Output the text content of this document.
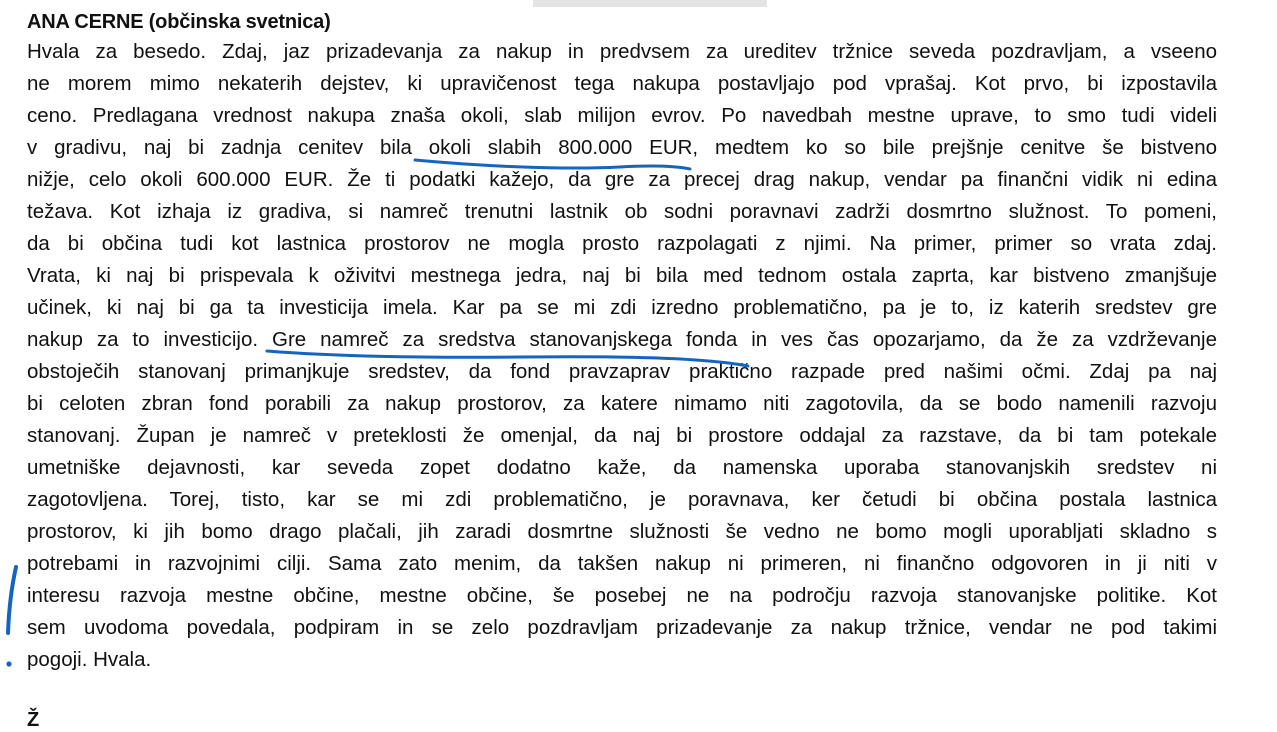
ANA CERNE (občinska svetnica)
Hvala za besedo. Zdaj, jaz prizadevanja za nakup in predvsem za ureditev tržnice seveda pozdravljam, a vseeno
ne morem mimo nekaterih dejstev, ki upravičenost tega nakupa postavljajo pod vprašaj. Kot prvo, bi izpostavila
ceno. Predlagana vrednost nakupa znaša okoli, slab milijon evrov. Po navedbah mestne uprave, to smo tudi videli
v gradivu, naj bi zadnja cenitev bila okoli slabih 800.000 EUR, medtem ko so bile prejšnje cenitve še bistveno
nižje, celo okoli 600.000 EUR. Že ti podatki kažejo, da gre za precej drag nakup, vendar pa finančni vidik ni edina
težava. Kot izhaja iz gradiva, si namreč trenutni lastnik ob sodni poravnavi zadrži dosmrtno služnost. To pomeni,
da bi občina tudi kot lastnica prostorov ne mogla prosto razpolagati z njimi. Na primer, primer so vrata zdaj.
Vrata, ki naj bi prispevala k oživitvi mestnega jedra, naj bi bila med tednom ostala zaprta, kar bistveno zmanjšuje
učinek, ki naj bi ga ta investicija imela. Kar pa se mi zdi izredno problematično, pa je to, iz katerih sredstev gre
nakup za to investicijo. Gre namreč za sredstva stanovanjskega fonda in ves čas opozarjamo, da že za vzdrževanje
obstoječih stanovanj primanjkuje sredstev, da fond pravzaprav praktično razpade pred našimi očmi. Zdaj pa naj
bi celoten zbran fond porabili za nakup prostorov, za katere nimamo niti zagotovila, da se bodo namenili razvoju
stanovanj. Župan je namreč v preteklosti že omenjal, da naj bi prostore oddajal za razstave, da bi tam potekale
umetniške dejavnosti, kar seveda zopet dodatno kaže, da namenska uporaba stanovanjskih sredstev ni
zagotovljena. Torej, tisto, kar se mi zdi problematično, je poravnava, ker četudi bi občina postala lastnica
prostorov, ki jih bomo drago plačali, jih zaradi dosmrtne služnosti še vedno ne bomo mogli uporabljati skladno s
potrebami in razvojnimi cilji. Sama zato menim, da takšen nakup ni primeren, ni finančno odgovoren in ji niti v
interesu razvoja mestne občine, mestne občine, še posebej ne na področju razvoja stanovanjske politike. Kot
sem uvodoma povedala, podpiram in se zelo pozdravljam prizadevanje za nakup tržnice, vendar ne pod takimi
pogoji. Hvala.
Ž
